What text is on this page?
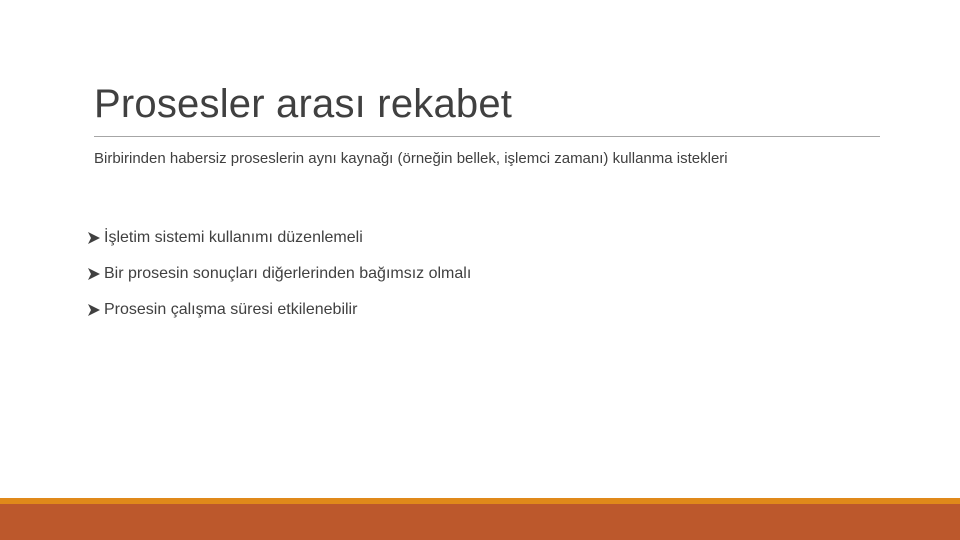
Prosesler arası rekabet
Birbirinden habersiz proseslerin aynı kaynağı (örneğin bellek, işlemci zamanı) kullanma istekleri
İşletim sistemi kullanımı düzenlemeli
Bir prosesin sonuçları diğerlerinden bağımsız olmalı
Prosesin çalışma süresi etkilenebilir
